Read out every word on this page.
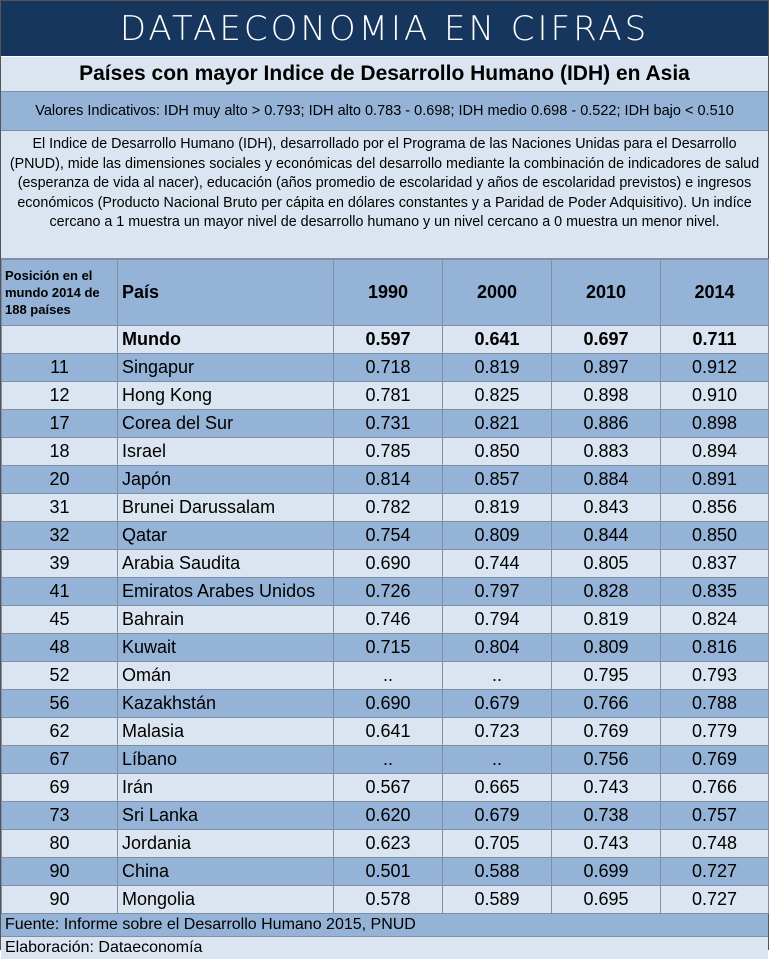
DATAECONOMIA EN CIFRAS
Países con mayor Indice de Desarrollo Humano (IDH) en Asia
Valores Indicativos: IDH muy alto > 0.793; IDH alto 0.783 - 0.698; IDH medio 0.698 - 0.522; IDH bajo < 0.510
El Indice de Desarrollo Humano (IDH), desarrollado por el Programa de las Naciones Unidas para el Desarrollo (PNUD), mide las dimensiones sociales y económicas del desarrollo mediante la combinación de indicadores de salud (esperanza de vida al nacer), educación (años promedio de escolaridad y años de escolaridad previstos) e ingresos económicos (Producto Nacional Bruto per cápita en dólares constantes y a Paridad de Poder Adquisitivo). Un indíce cercano a 1 muestra un mayor nivel de desarrollo humano y un nivel cercano a 0 muestra un menor nivel.
Posición en el mundo 2014 de 188 países	País	1990	2000	2010	2014
	Mundo	0.597	0.641	0.697	0.711
11	Singapur	0.718	0.819	0.897	0.912
12	Hong Kong	0.781	0.825	0.898	0.910
17	Corea del Sur	0.731	0.821	0.886	0.898
18	Israel	0.785	0.850	0.883	0.894
20	Japón	0.814	0.857	0.884	0.891
31	Brunei Darussalam	0.782	0.819	0.843	0.856
32	Qatar	0.754	0.809	0.844	0.850
39	Arabia Saudita	0.690	0.744	0.805	0.837
41	Emiratos Arabes Unidos	0.726	0.797	0.828	0.835
45	Bahrain	0.746	0.794	0.819	0.824
48	Kuwait	0.715	0.804	0.809	0.816
52	Omán	..	..	0.795	0.793
56	Kazakhstán	0.690	0.679	0.766	0.788
62	Malasia	0.641	0.723	0.769	0.779
67	Líbano	..	..	0.756	0.769
69	Irán	0.567	0.665	0.743	0.766
73	Sri Lanka	0.620	0.679	0.738	0.757
80	Jordania	0.623	0.705	0.743	0.748
90	China	0.501	0.588	0.699	0.727
90	Mongolia	0.578	0.589	0.695	0.727
Fuente: Informe sobre el Desarrollo Humano 2015, PNUD
Elaboración: Dataeconomía
